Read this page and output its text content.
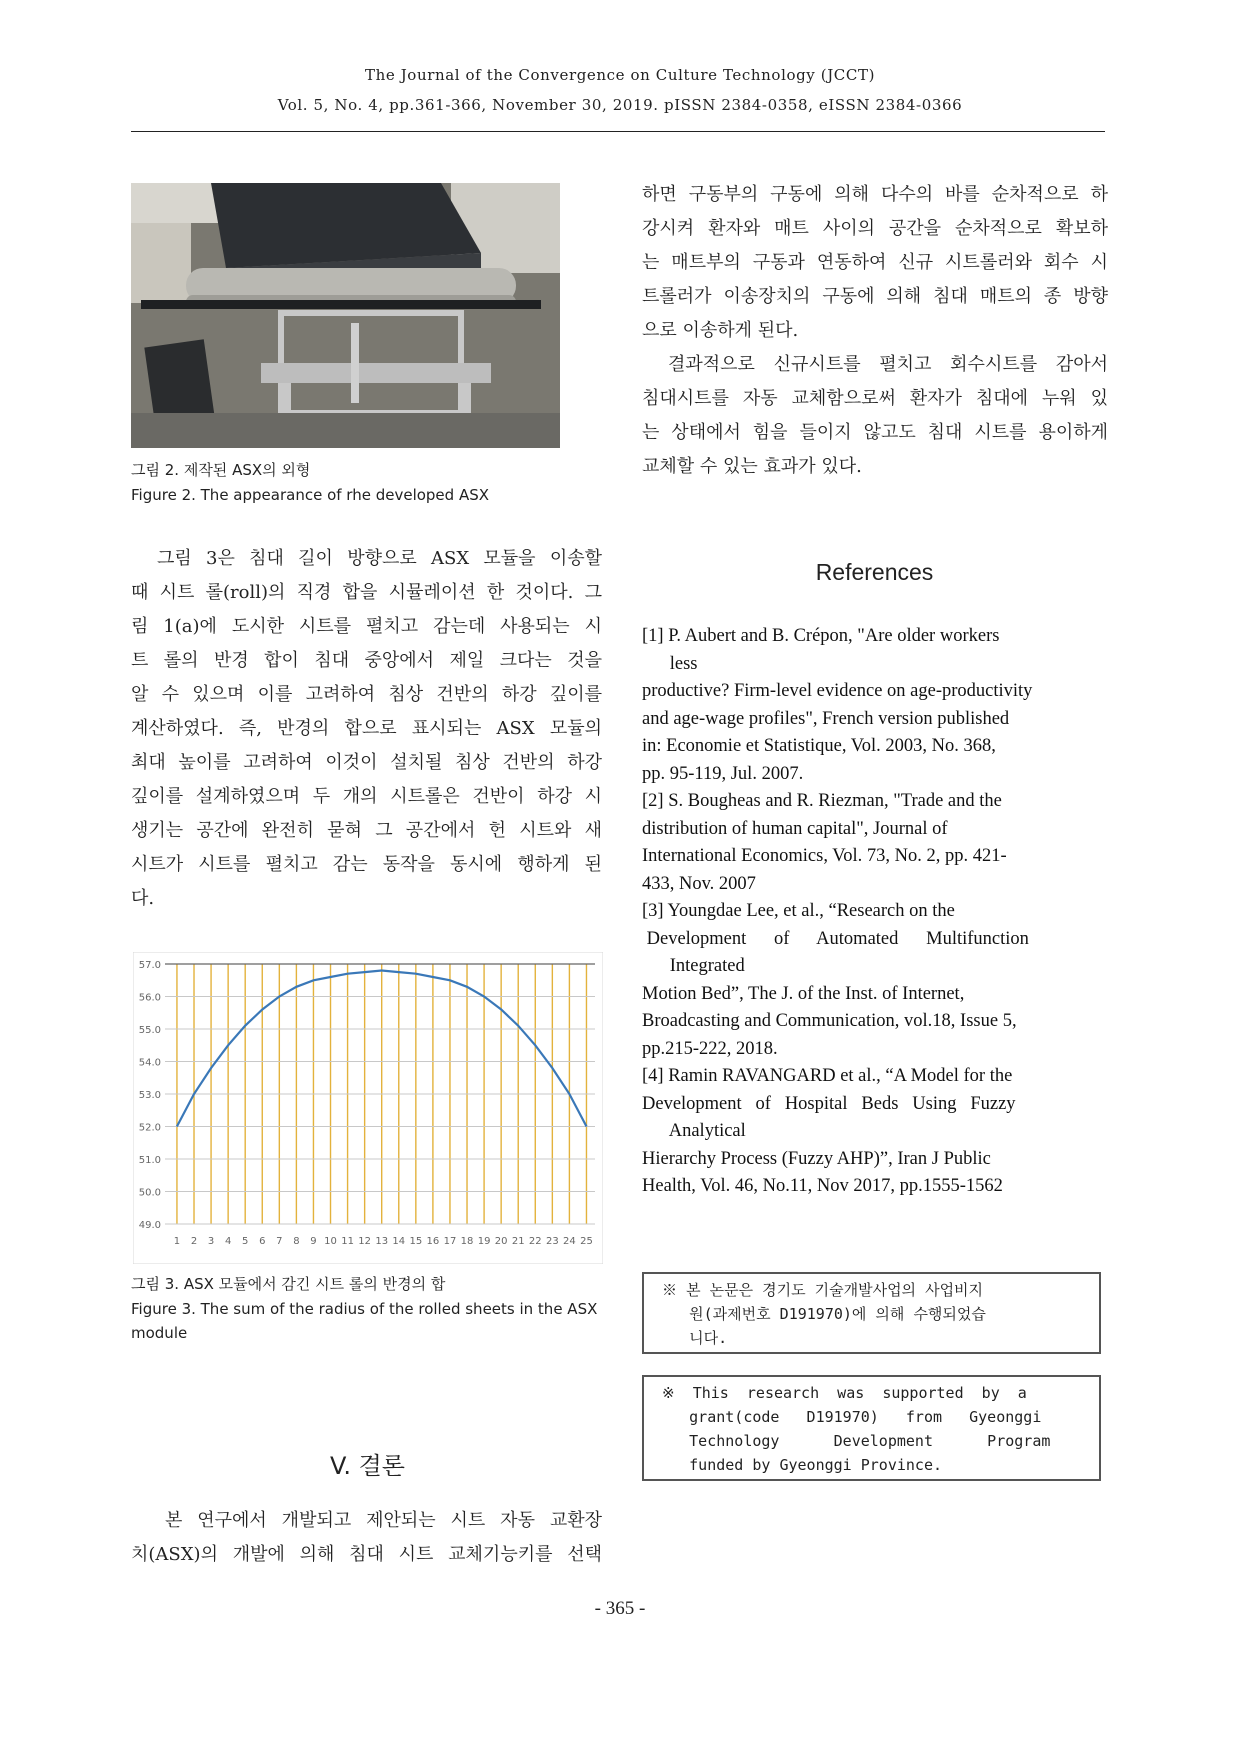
The Journal of the Convergence on Culture Technology (JCCT)
Vol. 5, No. 4, pp.361-366, November 30, 2019. pISSN 2384-0358, eISSN 2384-0366
그림 2. 제작된 ASX의 외형
Figure 2. The appearance of rhe developed ASX
그림 3은 침대 길이 방향으로 ASX 모듈을 이송할
때 시트 롤(roll)의 직경 합을 시뮬레이션 한 것이다. 그
림 1(a)에 도시한 시트를 펼치고 감는데 사용되는 시
트 롤의 반경 합이 침대 중앙에서 제일 크다는 것을
알 수 있으며 이를 고려하여 침상 건반의 하강 깊이를
계산하였다. 즉, 반경의 합으로 표시되는 ASX 모듈의
최대 높이를 고려하여 이것이 설치될 침상 건반의 하강
깊이를 설계하였으며 두 개의 시트롤은 건반이 하강 시
생기는 공간에 완전히 묻혀 그 공간에서 헌 시트와 새
시트가 시트를 펼치고 감는 동작을 동시에 행하게 된
다.
57.0
56.0
55.0
54.0
53.0
52.0
51.0
50.0
49.0
1 2 3 4 5 6 7 8 9 10 11 12 13 14 15 16 17 18 19 20 21 22 23 24 25
그림 3. ASX 모듈에서 감긴 시트 롤의 반경의 합
Figure 3. The sum of the radius of the rolled sheets in the ASX
module
V. 결론
본 연구에서 개발되고 제안되는 시트 자동 교환장
치(ASX)의 개발에 의해 침대 시트 교체기능키를 선택
하면 구동부의 구동에 의해 다수의 바를 순차적으로 하
강시켜 환자와 매트 사이의 공간을 순차적으로 확보하
는 매트부의 구동과 연동하여 신규 시트롤러와 회수 시
트롤러가 이송장치의 구동에 의해 침대 매트의 종 방향
으로 이송하게 된다.
결과적으로 신규시트를 펼치고 회수시트를 감아서
침대시트를 자동 교체함으로써 환자가 침대에 누워 있
는 상태에서 힘을 들이지 않고도 침대 시트를 용이하게
교체할 수 있는 효과가 있다.
References
[1] P. Aubert and B. Crépon, "Are older workers
less
productive? Firm-level evidence on age-productivity
and age-wage profiles", French version published
in: Economie et Statistique, Vol. 2003, No. 368,
pp. 95-119, Jul. 2007.
[2] S. Bougheas and R. Riezman, "Trade and the
distribution of human capital", Journal of
International Economics, Vol. 73, No. 2, pp. 421-
433, Nov. 2007
[3] Youngdae Lee, et al., “Research on the
Development      of      Automated      Multifunction
Integrated
Motion Bed”, The J. of the Inst. of Internet,
Broadcasting and Communication, vol.18, Issue 5,
pp.215-222, 2018.
[4] Ramin RAVANGARD et al., “A Model for the
Development   of   Hospital   Beds   Using   Fuzzy
Analytical
Hierarchy Process (Fuzzy AHP)”, Iran J Public
Health, Vol. 46, No.11, Nov 2017, pp.1555-1562
※ 본 논문은 경기도 기술개발사업의 사업비지
원(과제번호 D191970)에 의해 수행되었습
니다.
※  This  research  was  supported  by  a
grant(code   D191970)   from   Gyeonggi
Technology      Development      Program
funded by Gyeonggi Province.
- 365 -
